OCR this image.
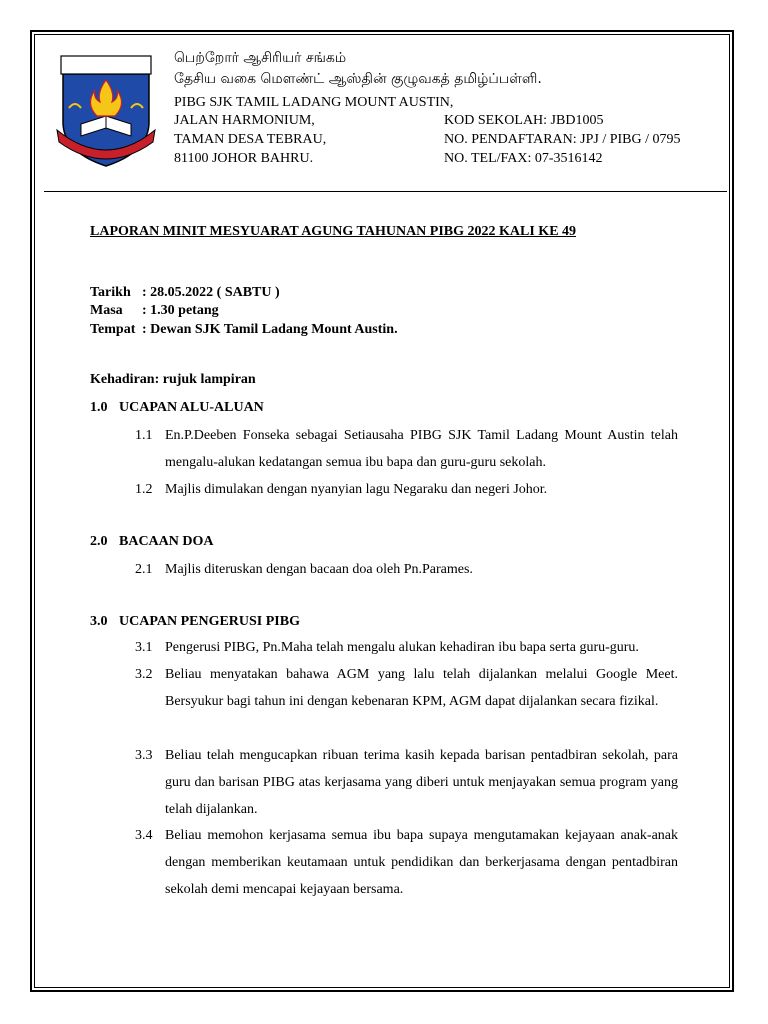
பெற்றோர் ஆசிரியர் சங்கம்
தேசிய வகை மௌண்ட் ஆஸ்தின் குழுவகத் தமிழ்ப்பள்ளி.
PIBG SJK TAMIL LADANG MOUNT AUSTIN,
JALAN HARMONIUM,
TAMAN DESA TEBRAU,
81100 JOHOR BAHRU.
KOD SEKOLAH: JBD1005
NO. PENDAFTARAN: JPJ / PIBG / 0795
NO. TEL/FAX: 07-3516142
LAPORAN MINIT MESYUARAT AGUNG TAHUNAN PIBG 2022 KALI KE 49
Tarikh : 28.05.2022 ( SABTU )
Masa : 1.30 petang
Tempat : Dewan SJK Tamil Ladang Mount Austin.
Kehadiran: rujuk lampiran
1.0 UCAPAN ALU-ALUAN
1.1 En.P.Deeben Fonseka sebagai Setiausaha PIBG SJK Tamil Ladang Mount Austin telah mengalu-alukan kedatangan semua ibu bapa dan guru-guru sekolah.
1.2 Majlis dimulakan dengan nyanyian lagu Negaraku dan negeri Johor.
2.0 BACAAN DOA
2.1 Majlis diteruskan dengan bacaan doa oleh Pn.Parames.
3.0 UCAPAN PENGERUSI PIBG
3.1 Pengerusi PIBG, Pn.Maha telah mengalu alukan kehadiran ibu bapa serta guru-guru.
3.2 Beliau menyatakan bahawa AGM yang lalu telah dijalankan melalui Google Meet. Bersyukur bagi tahun ini dengan kebenaran KPM, AGM dapat dijalankan secara fizikal.
3.3 Beliau telah mengucapkan ribuan terima kasih kepada barisan pentadbiran sekolah, para guru dan barisan PIBG atas kerjasama yang diberi untuk menjayakan semua program yang telah dijalankan.
3.4 Beliau memohon kerjasama semua ibu bapa supaya mengutamakan kejayaan anak-anak dengan memberikan keutamaan untuk pendidikan dan berkerjasama dengan pentadbiran sekolah demi mencapai kejayaan bersama.
